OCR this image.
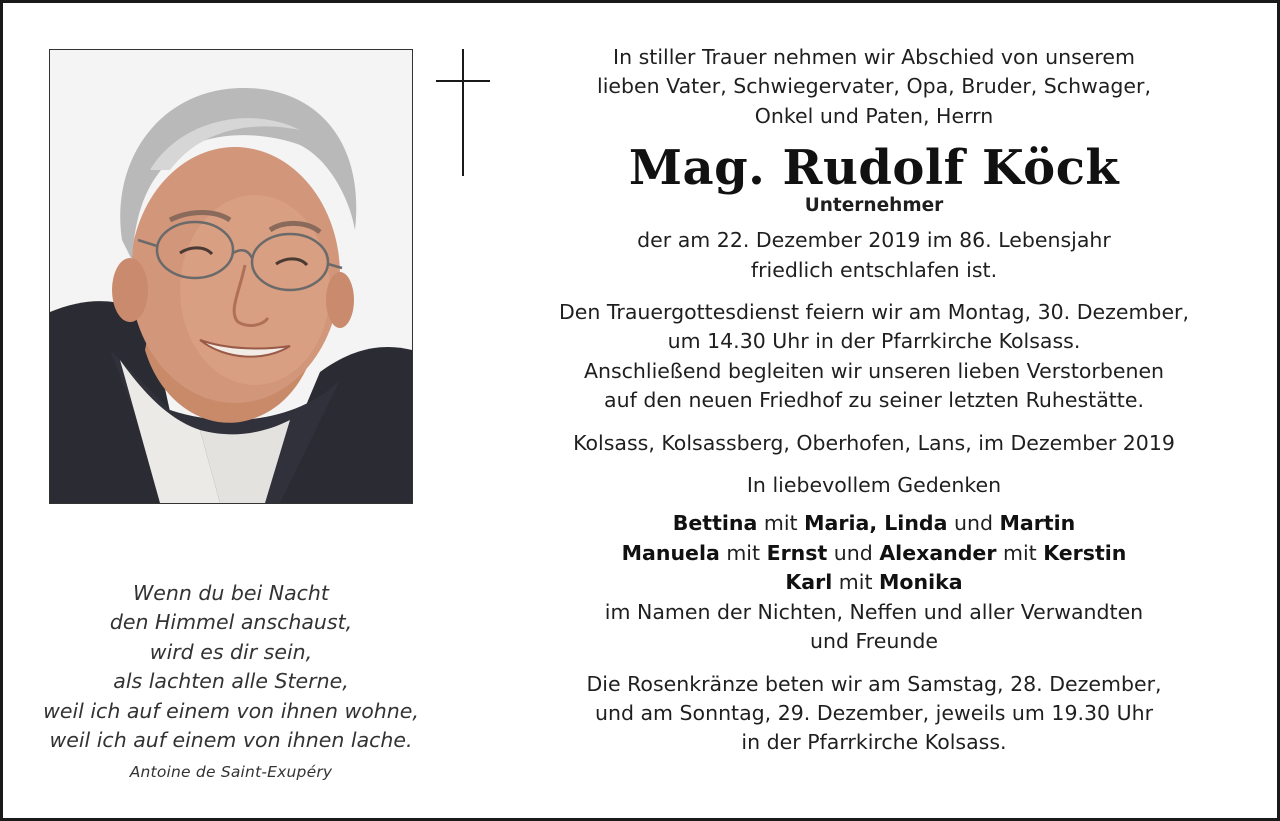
Wenn du bei Nacht
den Himmel anschaust,
wird es dir sein,
als lachten alle Sterne,
weil ich auf einem von ihnen wohne,
weil ich auf einem von ihnen lache.
Antoine de Saint-Exupéry
In stiller Trauer nehmen wir Abschied von unserem
lieben Vater, Schwiegervater, Opa, Bruder, Schwager,
Onkel und Paten, Herrn
Mag. Rudolf Köck
Unternehmer
der am 22. Dezember 2019 im 86. Lebensjahr
friedlich entschlafen ist.
Den Trauergottesdienst feiern wir am Montag, 30. Dezember,
um 14.30 Uhr in der Pfarrkirche Kolsass.
Anschließend begleiten wir unseren lieben Verstorbenen
auf den neuen Friedhof zu seiner letzten Ruhestätte.
Kolsass, Kolsassberg, Oberhofen, Lans, im Dezember 2019
In liebevollem Gedenken
Bettina mit Maria, Linda und Martin
Manuela mit Ernst und Alexander mit Kerstin
Karl mit Monika
im Namen der Nichten, Neffen und aller Verwandten
und Freunde
Die Rosenkränze beten wir am Samstag, 28. Dezember,
und am Sonntag, 29. Dezember, jeweils um 19.30 Uhr
in der Pfarrkirche Kolsass.
